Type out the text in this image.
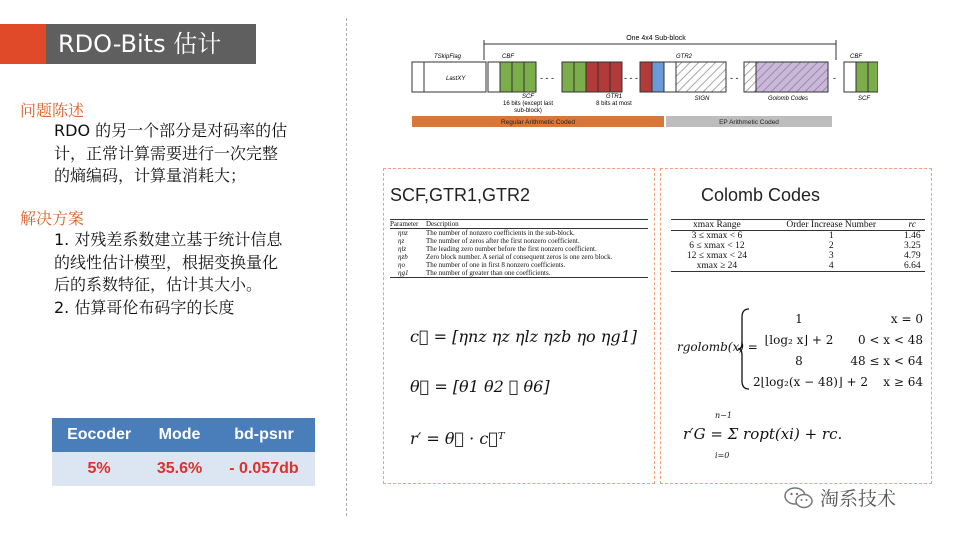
RDO-Bits 估计
问题陈述
RDO 的另一个部分是对码率的估
计，正常计算需要进行一次完整
的熵编码，计算量消耗大；
解决方案
1. 对残差系数建立基于统计信息
的线性估计模型，根据变换量化
后的系数特征，估计其大小。
2. 估算哥伦布码字的长度
Eocoder	Mode	bd-psnr
5%	35.6%	- 0.057db
One 4x4 Sub-block
TSkipFlag	CBF	GTR2	CBF
LastXY	- - -	- - -	- -	-
SCF
16 bits (except last
sub-block)
GTR1
8 bits at most
SIGN	Golomb Codes	SCF
Regular Arithmetic Coded	EP Arithmetic Coded
SCF,GTR1,GTR2
Parameter	Description
ηnz	The number of nonzero coefficients in the sub-block.
ηz	The number of zeros after the first nonzero coefficient.
ηlz	The leading zero number before the first nonzero coefficient.
ηzb	Zero block number. A serial of consequent zeros is one zero block.
ηo	The number of one in first 8 nonzero coefficients.
ηg1	The number of greater than one coefficients.
c⃗ = [ηnz ηz ηlz ηzb ηo ηg1]
θ⃗ = [θ1 θ2 ⋯ θ6]
r′ = θ⃗ · c⃗ᵀ
Colomb Codes
xmax Range	Order Increase Number	rc
3 ≤ xmax < 6	1	1.46
6 ≤ xmax < 12	2	3.25
12 ≤ xmax < 24	3	4.79
xmax ≥ 24	4	6.64
rgolomb(x) =
1	x = 0
⌊log₂ x⌋ + 2	0 < x < 48
8	48 ≤ x < 64
2⌊log₂(x − 48)⌋ + 2 x ≥ 64
n−1
r′G = Σ ropt(xi) + rc.
i=0
淘系技术
